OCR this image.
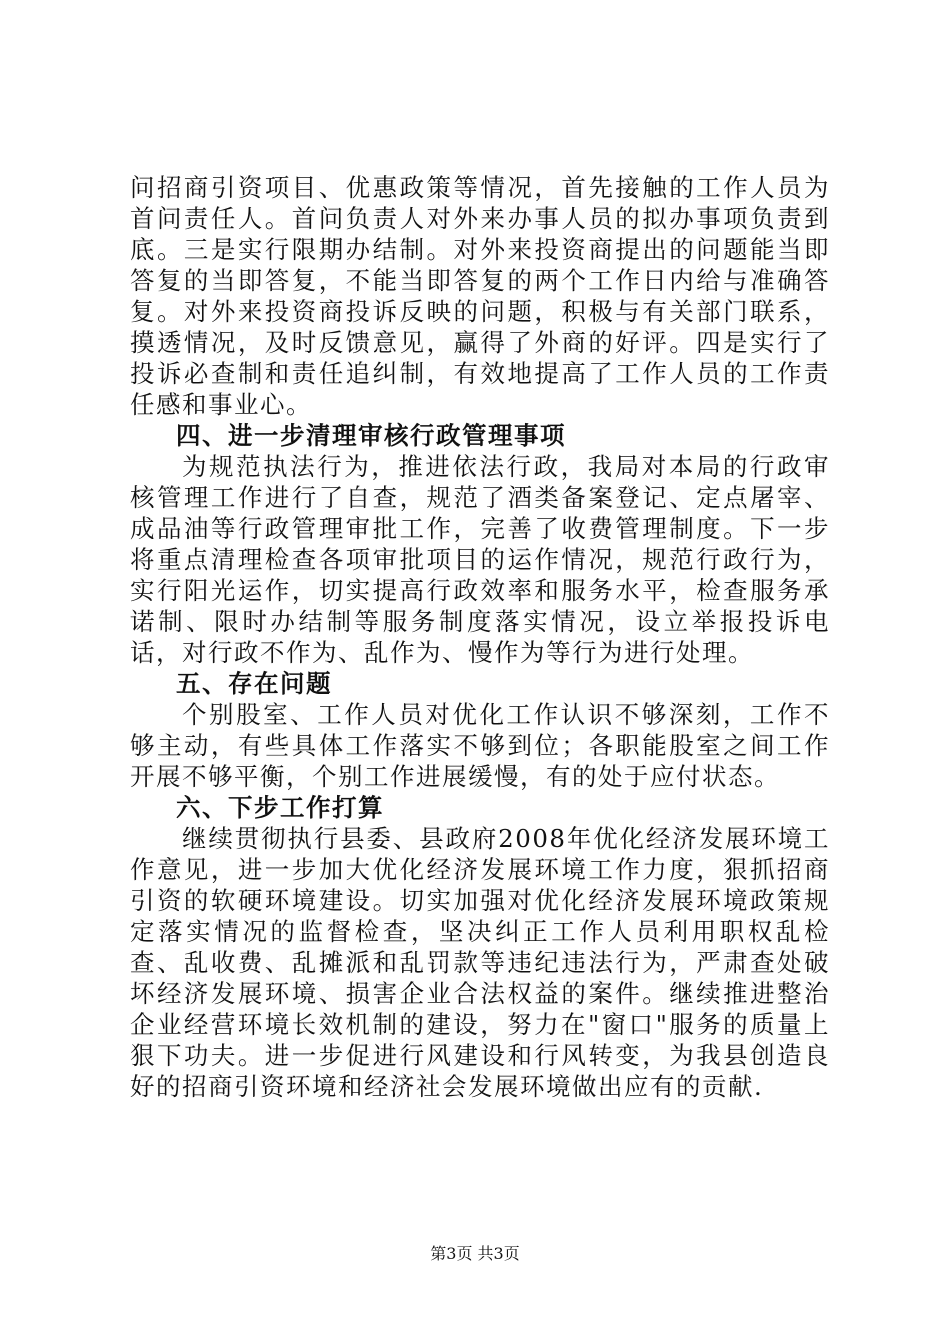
问招商引资项目、优惠政策等情况，首先接触的工作人员为首问责任人。首问负责人对外来办事人员的拟办事项负责到底。三是实行限期办结制。对外来投资商提出的问题能当即答复的当即答复，不能当即答复的两个工作日内给与准确答复。对外来投资商投诉反映的问题，积极与有关部门联系，摸透情况，及时反馈意见，赢得了外商的好评。四是实行了投诉必查制和责任追纠制，有效地提高了工作人员的工作责任感和事业心。

四、进一步清理审核行政管理事项

为规范执法行为，推进依法行政，我局对本局的行政审核管理工作进行了自查，规范了酒类备案登记、定点屠宰、成品油等行政管理审批工作，完善了收费管理制度。下一步将重点清理检查各项审批项目的运作情况，规范行政行为，实行阳光运作，切实提高行政效率和服务水平，检查服务承诺制、限时办结制等服务制度落实情况，设立举报投诉电话，对行政不作为、乱作为、慢作为等行为进行处理。

五、存在问题

个别股室、工作人员对优化工作认识不够深刻，工作不够主动，有些具体工作落实不够到位；各职能股室之间工作开展不够平衡，个别工作进展缓慢，有的处于应付状态。

六、下步工作打算

继续贯彻执行县委、县政府2008年优化经济发展环境工作意见，进一步加大优化经济发展环境工作力度，狠抓招商引资的软硬环境建设。切实加强对优化经济发展环境政策规定落实情况的监督检查，坚决纠正工作人员利用职权乱检查、乱收费、乱摊派和乱罚款等违纪违法行为，严肃查处破坏经济发展环境、损害企业合法权益的案件。继续推进整治企业经营环境长效机制的建设，努力在"窗口"服务的质量上狠下功夫。进一步促进行风建设和行风转变，为我县创造良好的招商引资环境和经济社会发展环境做出应有的贡献.

第3页 共3页
